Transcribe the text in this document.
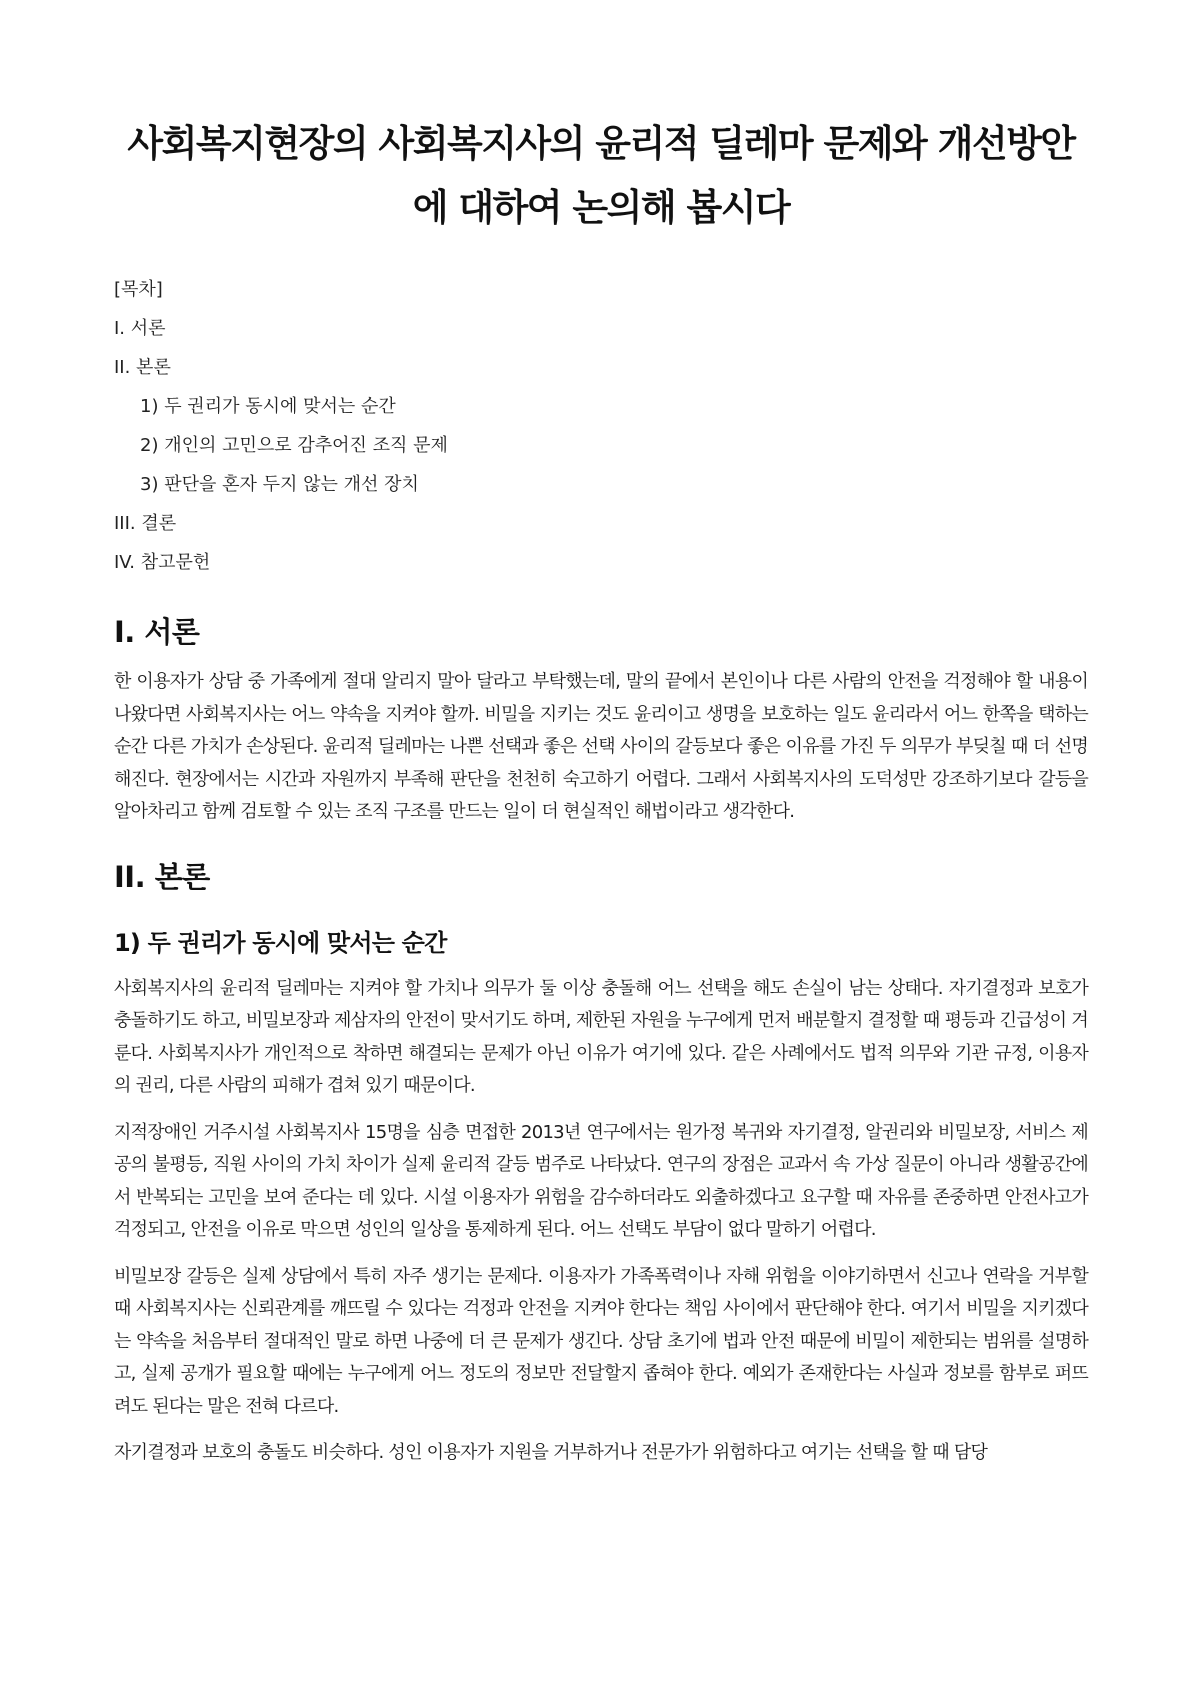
사회복지현장의 사회복지사의 윤리적 딜레마 문제와 개선방안에 대하여 논의해 봅시다
[목차]
I. 서론
II. 본론
1) 두 권리가 동시에 맞서는 순간
2) 개인의 고민으로 감추어진 조직 문제
3) 판단을 혼자 두지 않는 개선 장치
III. 결론
IV. 참고문헌
I. 서론

한 이용자가 상담 중 가족에게 절대 알리지 말아 달라고 부탁했는데, 말의 끝에서 본인이나 다른 사람의 안전을 걱정해야 할 내용이 나왔다면 사회복지사는 어느 약속을 지켜야 할까. 비밀을 지키는 것도 윤리이고 생명을 보호하는 일도 윤리라서 어느 한쪽을 택하는 순간 다른 가치가 손상된다. 윤리적 딜레마는 나쁜 선택과 좋은 선택 사이의 갈등보다 좋은 이유를 가진 두 의무가 부딪칠 때 더 선명해진다. 현장에서는 시간과 자원까지 부족해 판단을 천천히 숙고하기 어렵다. 그래서 사회복지사의 도덕성만 강조하기보다 갈등을 알아차리고 함께 검토할 수 있는 조직 구조를 만드는 일이 더 현실적인 해법이라고 생각한다.

II. 본론
1) 두 권리가 동시에 맞서는 순간

사회복지사의 윤리적 딜레마는 지켜야 할 가치나 의무가 둘 이상 충돌해 어느 선택을 해도 손실이 남는 상태다. 자기결정과 보호가 충돌하기도 하고, 비밀보장과 제삼자의 안전이 맞서기도 하며, 제한된 자원을 누구에게 먼저 배분할지 결정할 때 평등과 긴급성이 겨룬다. 사회복지사가 개인적으로 착하면 해결되는 문제가 아닌 이유가 여기에 있다. 같은 사례에서도 법적 의무와 기관 규정, 이용자의 권리, 다른 사람의 피해가 겹쳐 있기 때문이다.

지적장애인 거주시설 사회복지사 15명을 심층 면접한 2013년 연구에서는 원가정 복귀와 자기결정, 알권리와 비밀보장, 서비스 제공의 불평등, 직원 사이의 가치 차이가 실제 윤리적 갈등 범주로 나타났다. 연구의 장점은 교과서 속 가상 질문이 아니라 생활공간에서 반복되는 고민을 보여 준다는 데 있다. 시설 이용자가 위험을 감수하더라도 외출하겠다고 요구할 때 자유를 존중하면 안전사고가 걱정되고, 안전을 이유로 막으면 성인의 일상을 통제하게 된다. 어느 선택도 부담이 없다 말하기 어렵다.

비밀보장 갈등은 실제 상담에서 특히 자주 생기는 문제다. 이용자가 가족폭력이나 자해 위험을 이야기하면서 신고나 연락을 거부할 때 사회복지사는 신뢰관계를 깨뜨릴 수 있다는 걱정과 안전을 지켜야 한다는 책임 사이에서 판단해야 한다. 여기서 비밀을 지키겠다는 약속을 처음부터 절대적인 말로 하면 나중에 더 큰 문제가 생긴다. 상담 초기에 법과 안전 때문에 비밀이 제한되는 범위를 설명하고, 실제 공개가 필요할 때에는 누구에게 어느 정도의 정보만 전달할지 좁혀야 한다. 예외가 존재한다는 사실과 정보를 함부로 퍼뜨려도 된다는 말은 전혀 다르다.

자기결정과 보호의 충돌도 비슷하다. 성인 이용자가 지원을 거부하거나 전문가가 위험하다고 여기는 선택을 할 때 담당
